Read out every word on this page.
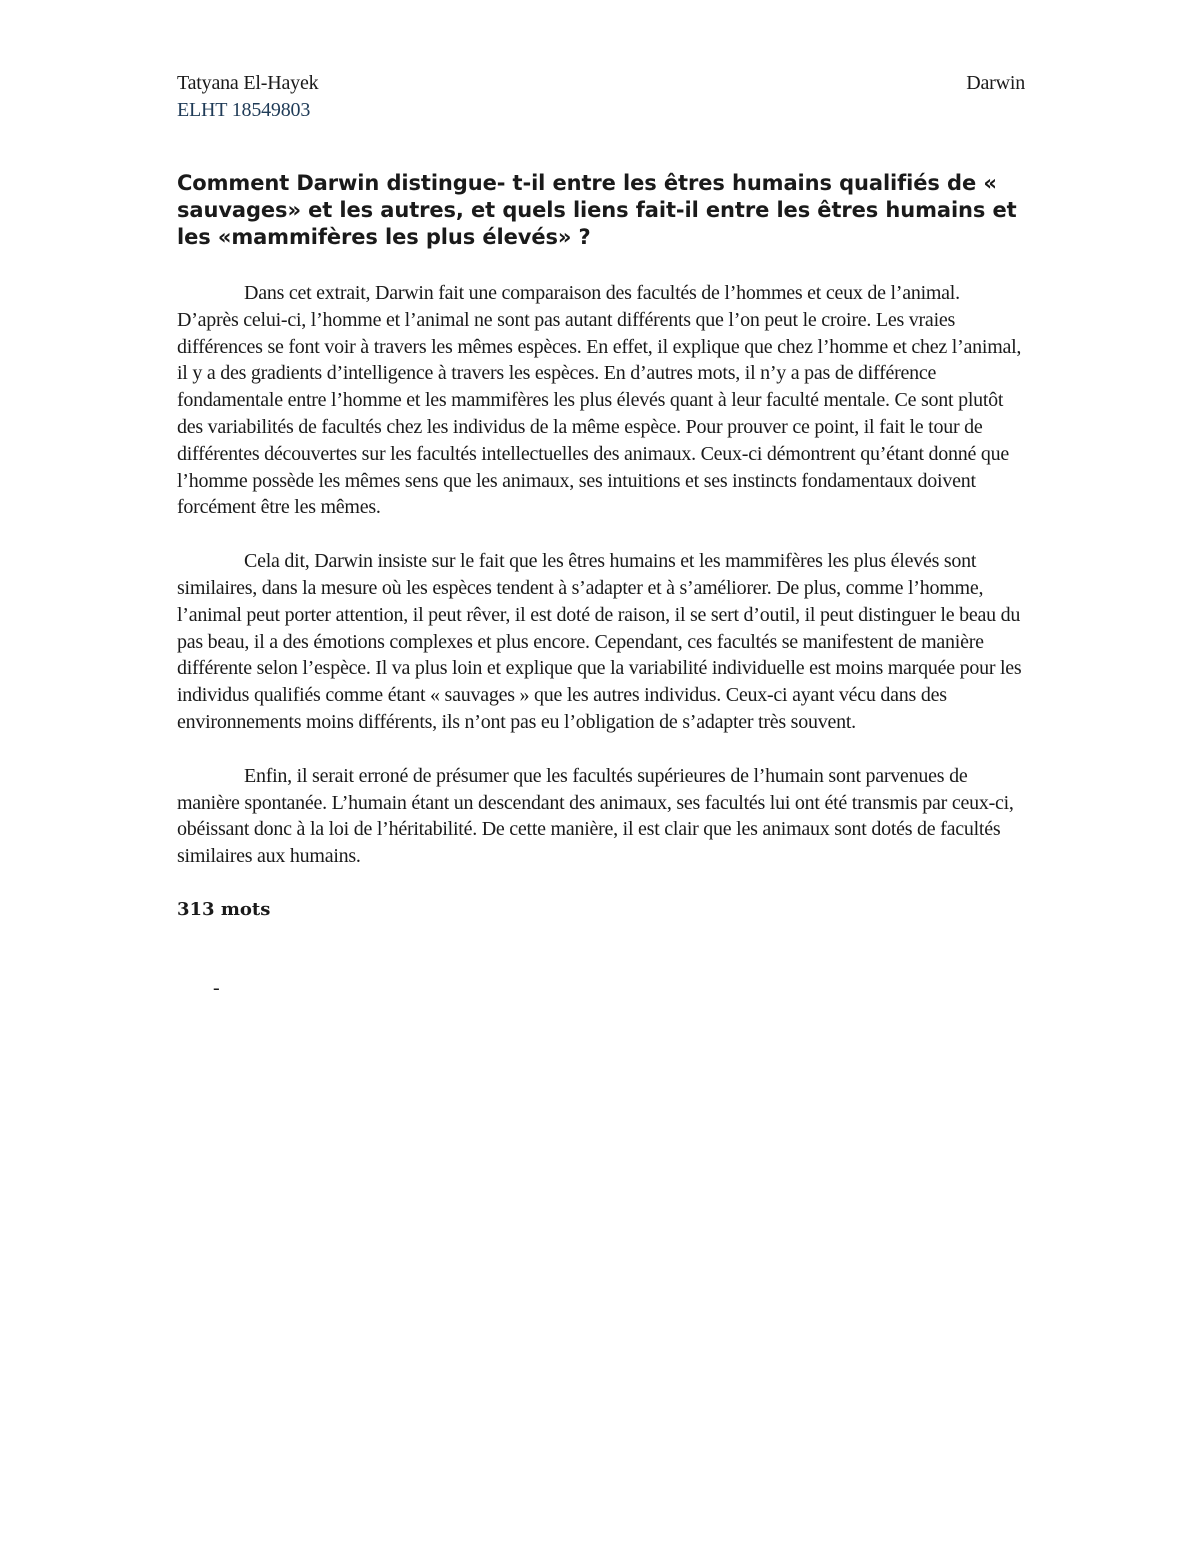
Tatyana El-Hayek	Darwin
ELHT 18549803
Comment Darwin distingue- t-il entre les êtres humains qualifiés de « sauvages» et les autres, et quels liens fait-il entre les êtres humains et les «mammifères les plus élevés» ?

Dans cet extrait, Darwin fait une comparaison des facultés de l’hommes et ceux de l’animal. D’après celui-ci, l’homme et l’animal ne sont pas autant différents que l’on peut le croire. Les vraies différences se font voir à travers les mêmes espèces. En effet, il explique que chez l’homme et chez l’animal, il y a des gradients d’intelligence à travers les espèces. En d’autres mots, il n’y a pas de différence fondamentale entre l’homme et les mammifères les plus élevés quant à leur faculté mentale. Ce sont plutôt des variabilités de facultés chez les individus de la même espèce. Pour prouver ce point, il fait le tour de différentes découvertes sur les facultés intellectuelles des animaux. Ceux-ci démontrent qu’étant donné que l’homme possède les mêmes sens que les animaux, ses intuitions et ses instincts fondamentaux doivent forcément être les mêmes.

Cela dit, Darwin insiste sur le fait que les êtres humains et les mammifères les plus élevés sont similaires, dans la mesure où les espèces tendent à s’adapter et à s’améliorer. De plus, comme l’homme, l’animal peut porter attention, il peut rêver, il est doté de raison, il se sert d’outil, il peut distinguer le beau du pas beau, il a des émotions complexes et plus encore. Cependant, ces facultés se manifestent de manière différente selon l’espèce. Il va plus loin et explique que la variabilité individuelle est moins marquée pour les individus qualifiés comme étant « sauvages » que les autres individus. Ceux-ci ayant vécu dans des environnements moins différents, ils n’ont pas eu l’obligation de s’adapter très souvent.

Enfin, il serait erroné de présumer que les facultés supérieures de l’humain sont parvenues de manière spontanée. L’humain étant un descendant des animaux, ses facultés lui ont été transmis par ceux-ci, obéissant donc à la loi de l’héritabilité. De cette manière, il est clair que les animaux sont dotés de facultés similaires aux humains.

313 mots
-
